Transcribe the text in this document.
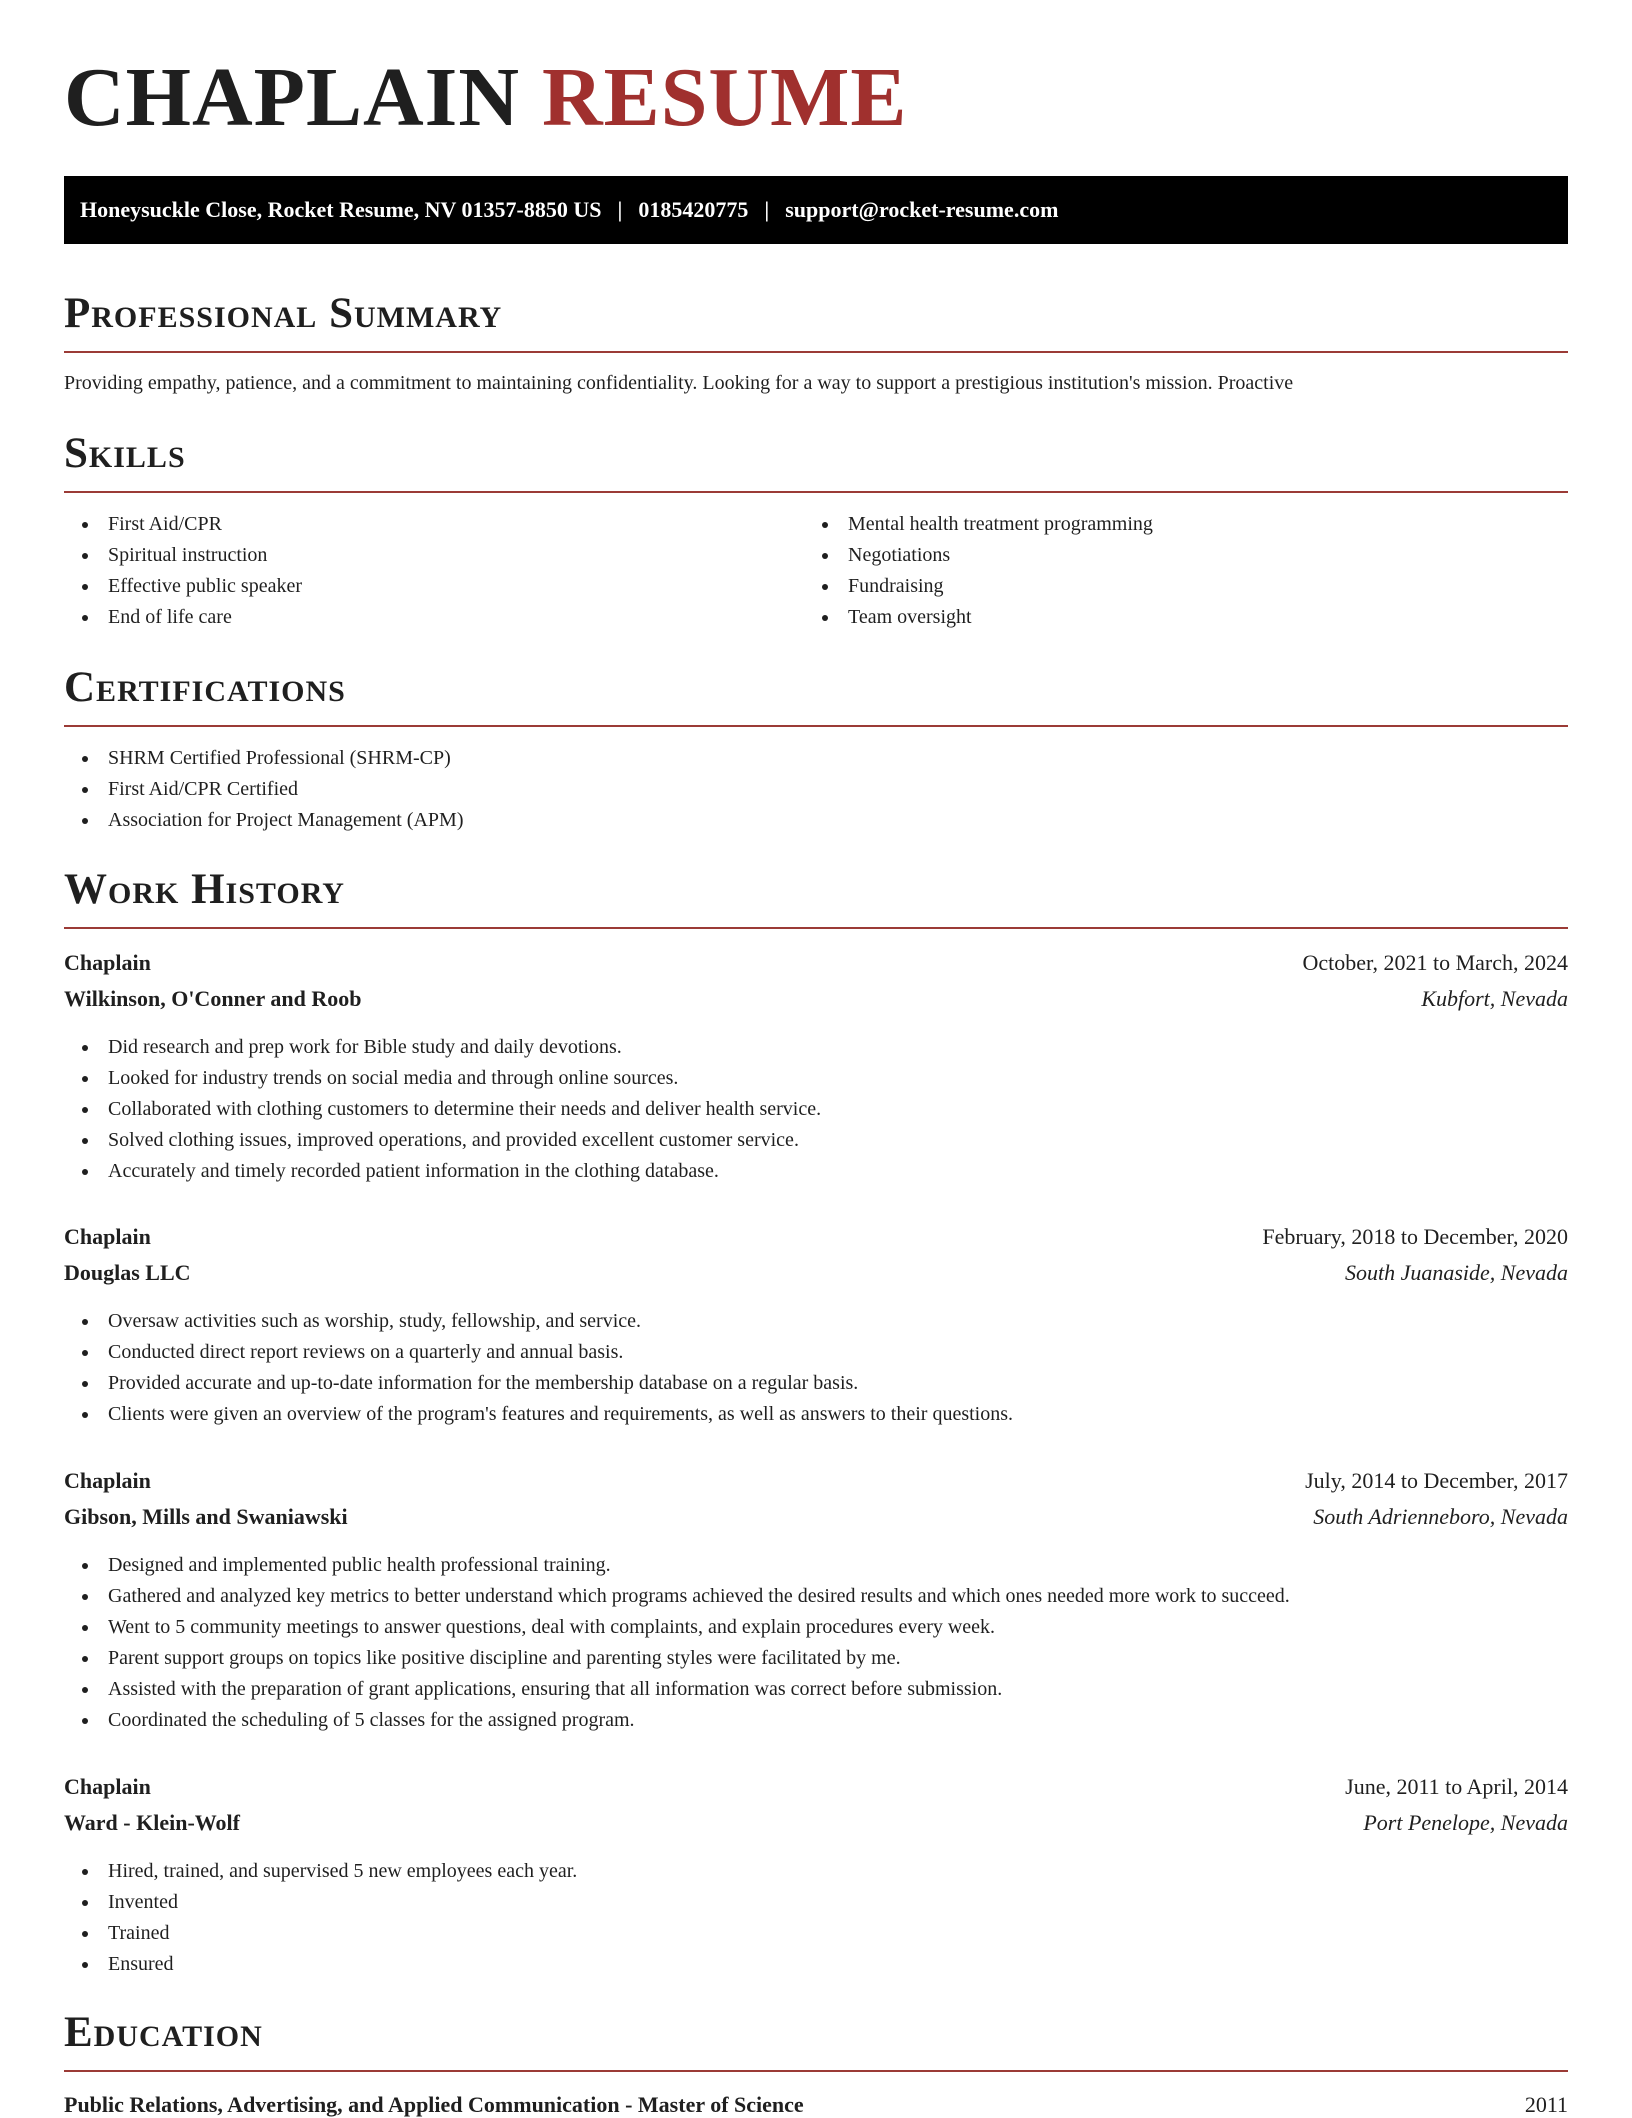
CHAPLAIN RESUME
Honeysuckle Close, Rocket Resume, NV 01357-8850 US | 0185420775 | support@rocket-resume.com
Professional Summary
Providing empathy, patience, and a commitment to maintaining confidentiality. Looking for a way to support a prestigious institution's mission. Proactive
Skills
First Aid/CPR
Spiritual instruction
Effective public speaker
End of life care
Mental health treatment programming
Negotiations
Fundraising
Team oversight
Certifications
SHRM Certified Professional (SHRM-CP)
First Aid/CPR Certified
Association for Project Management (APM)
Work History
Chaplain	October, 2021 to March, 2024
Wilkinson, O'Conner and Roob	Kubfort, Nevada
Did research and prep work for Bible study and daily devotions.
Looked for industry trends on social media and through online sources.
Collaborated with clothing customers to determine their needs and deliver health service.
Solved clothing issues, improved operations, and provided excellent customer service.
Accurately and timely recorded patient information in the clothing database.
Chaplain	February, 2018 to December, 2020
Douglas LLC	South Juanaside, Nevada
Oversaw activities such as worship, study, fellowship, and service.
Conducted direct report reviews on a quarterly and annual basis.
Provided accurate and up-to-date information for the membership database on a regular basis.
Clients were given an overview of the program's features and requirements, as well as answers to their questions.
Chaplain	July, 2014 to December, 2017
Gibson, Mills and Swaniawski	South Adrienneboro, Nevada
Designed and implemented public health professional training.
Gathered and analyzed key metrics to better understand which programs achieved the desired results and which ones needed more work to succeed.
Went to 5 community meetings to answer questions, deal with complaints, and explain procedures every week.
Parent support groups on topics like positive discipline and parenting styles were facilitated by me.
Assisted with the preparation of grant applications, ensuring that all information was correct before submission.
Coordinated the scheduling of 5 classes for the assigned program.
Chaplain	June, 2011 to April, 2014
Ward - Klein-Wolf	Port Penelope, Nevada
Hired, trained, and supervised 5 new employees each year.
Invented
Trained
Ensured
Education
Public Relations, Advertising, and Applied Communication - Master of Science	2011
